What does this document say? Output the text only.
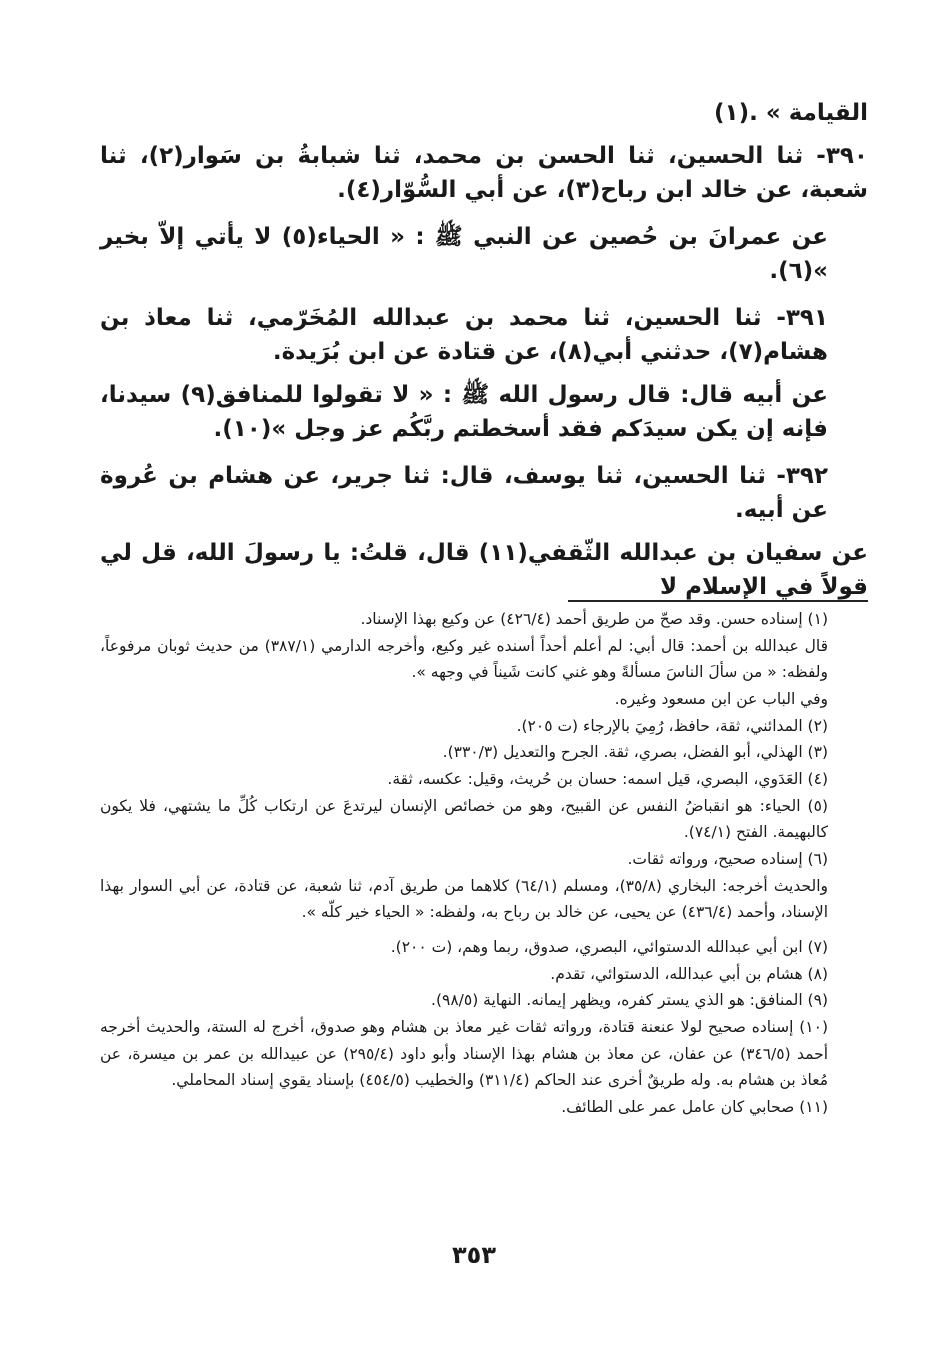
القيامة » .(١)

٣٩٠- ثنا الحسين، ثنا الحسن بن محمد، ثنا شبابةُ بن سَوار(٢)، ثنا شعبة، عن خالد ابن رباح(٣)، عن أبي السُّوّار(٤).

عن عمرانَ بن حُصين عن النبي ﷺ : « الحياء(٥) لا يأتي إلاّ بخير »(٦).

٣٩١- ثنا الحسين، ثنا محمد بن عبدالله المُخَرّمي، ثنا معاذ بن هشام(٧)، حدثني أبي(٨)، عن قتادة عن ابن بُرَيدة.

عن أبيه قال: قال رسول الله ﷺ : « لا تقولوا للمنافق(٩) سيدنا، فإنه إن يكن سيدَكم فقد أسخطتم ربَّكُم عز وجل »(١٠).

٣٩٢- ثنا الحسين، ثنا يوسف، قال: ثنا جرير، عن هشام بن عُروة عن أبيه.

عن سفيان بن عبدالله الثّقفي(١١) قال، قلتُ: يا رسولَ الله، قل لي قولاً في الإسلام لا

(١) إسناده حسن. وقد صحّ من طريق أحمد (٤٢٦/٤) عن وكيع بهذا الإسناد.

قال عبدالله بن أحمد: قال أبي: لم أعلم أحداً أسنده غير وكيع، وأخرجه الدارمي (٣٨٧/١) من حديث ثوبان مرفوعاً، ولفظه: « من سألَ الناسَ مسألةً وهو غني كانت شَيناً في وجهه ».

وفي الباب عن ابن مسعود وغيره.

(٢) المدائني، ثقة، حافظ، رُمِيَ بالإرجاء (ت ٢٠٥).

(٣) الهذلي، أبو الفضل، بصري، ثقة. الجرح والتعديل (٣٣٠/٣).

(٤) العَدَوي، البصري، قيل اسمه: حسان بن حُريث، وقيل: عكسه، ثقة.

(٥) الحياء: هو انقباضُ النفس عن القبيح، وهو من خصائص الإنسان ليرتدعَ عن ارتكاب كُلِّ ما يشتهي، فلا يكون كالبهيمة. الفتح (٧٤/١).

(٦) إسناده صحيح، ورواته ثقات.

والحديث أخرجه: البخاري (٣٥/٨)، ومسلم (٦٤/١) كلاهما من طريق آدم، ثنا شعبة، عن قتادة، عن أبي السوار بهذا الإسناد، وأحمد (٤٣٦/٤) عن يحيى، عن خالد بن رباح به، ولفظه: « الحياء خير كلّه ».

(٧) ابن أبي عبدالله الدستوائي، البصري، صدوق، ربما وهم، (ت ٢٠٠).

(٨) هشام بن أبي عبدالله، الدستوائي، تقدم.

(٩) المنافق: هو الذي يستر كفره، ويظهر إيمانه. النهاية (٩٨/٥).

(١٠) إسناده صحيح لولا عنعنة قتادة، ورواته ثقات غير معاذ بن هشام وهو صدوق، أخرج له الستة، والحديث أخرجه أحمد (٣٤٦/٥) عن عفان، عن معاذ بن هشام بهذا الإسناد وأبو داود (٢٩٥/٤) عن عبيدالله بن عمر بن ميسرة، عن مُعاذ بن هشام به. وله طريقٌ أخرى عند الحاكم (٣١١/٤) والخطيب (٤٥٤/٥) بإسناد يقوي إسناد المحاملي.

(١١) صحابي كان عامل عمر على الطائف.

٣٥٣
